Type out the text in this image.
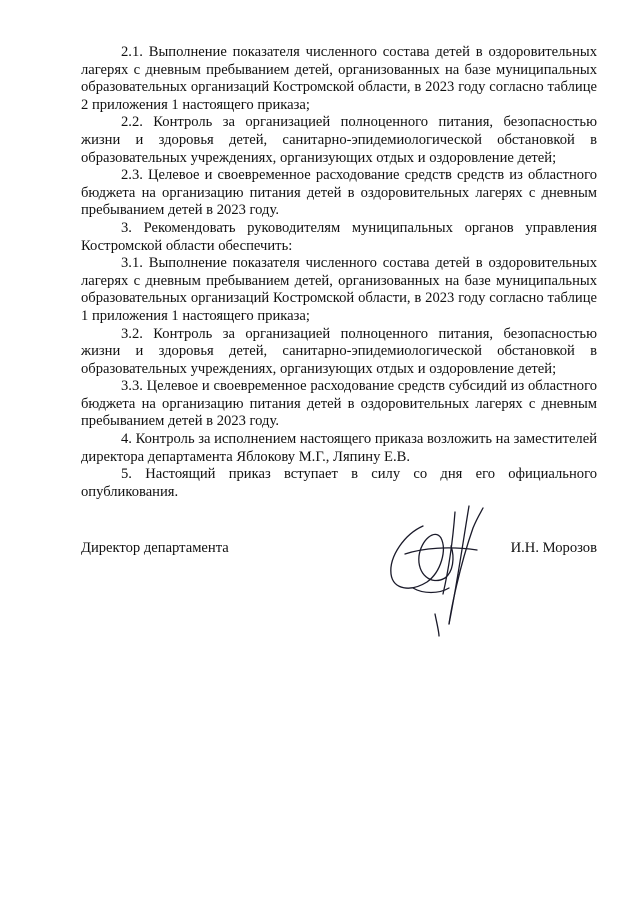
2.1. Выполнение показателя численного состава детей в оздоровительных лагерях с дневным пребыванием детей, организованных на базе муниципальных образовательных организаций Костромской области, в 2023 году согласно таблице 2 приложения 1 настоящего приказа;

2.2. Контроль за организацией полноценного питания, безопасностью жизни и здоровья детей, санитарно-эпидемиологической обстановкой в образовательных учреждениях, организующих отдых и оздоровление детей;

2.3. Целевое и своевременное расходование средств средств из областного бюджета на организацию питания детей в оздоровительных лагерях с дневным пребыванием детей в 2023 году.

3. Рекомендовать руководителям муниципальных органов управления Костромской области обеспечить:

3.1. Выполнение показателя численного состава детей в оздоровительных лагерях с дневным пребыванием детей, организованных на базе муниципальных образовательных организаций Костромской области, в 2023 году согласно таблице 1 приложения 1 настоящего приказа;

3.2. Контроль за организацией полноценного питания, безопасностью жизни и здоровья детей, санитарно-эпидемиологической обстановкой в образовательных учреждениях, организующих отдых и оздоровление детей;

3.3. Целевое и своевременное расходование средств субсидий из областного бюджета на организацию питания детей в оздоровительных лагерях с дневным пребыванием детей в 2023 году.

4. Контроль за исполнением настоящего приказа возложить на заместителей директора департамента Яблокову М.Г., Ляпину Е.В.

5. Настоящий приказ вступает в силу со дня его официального опубликования.

Директор департамента	И.Н. Морозов
